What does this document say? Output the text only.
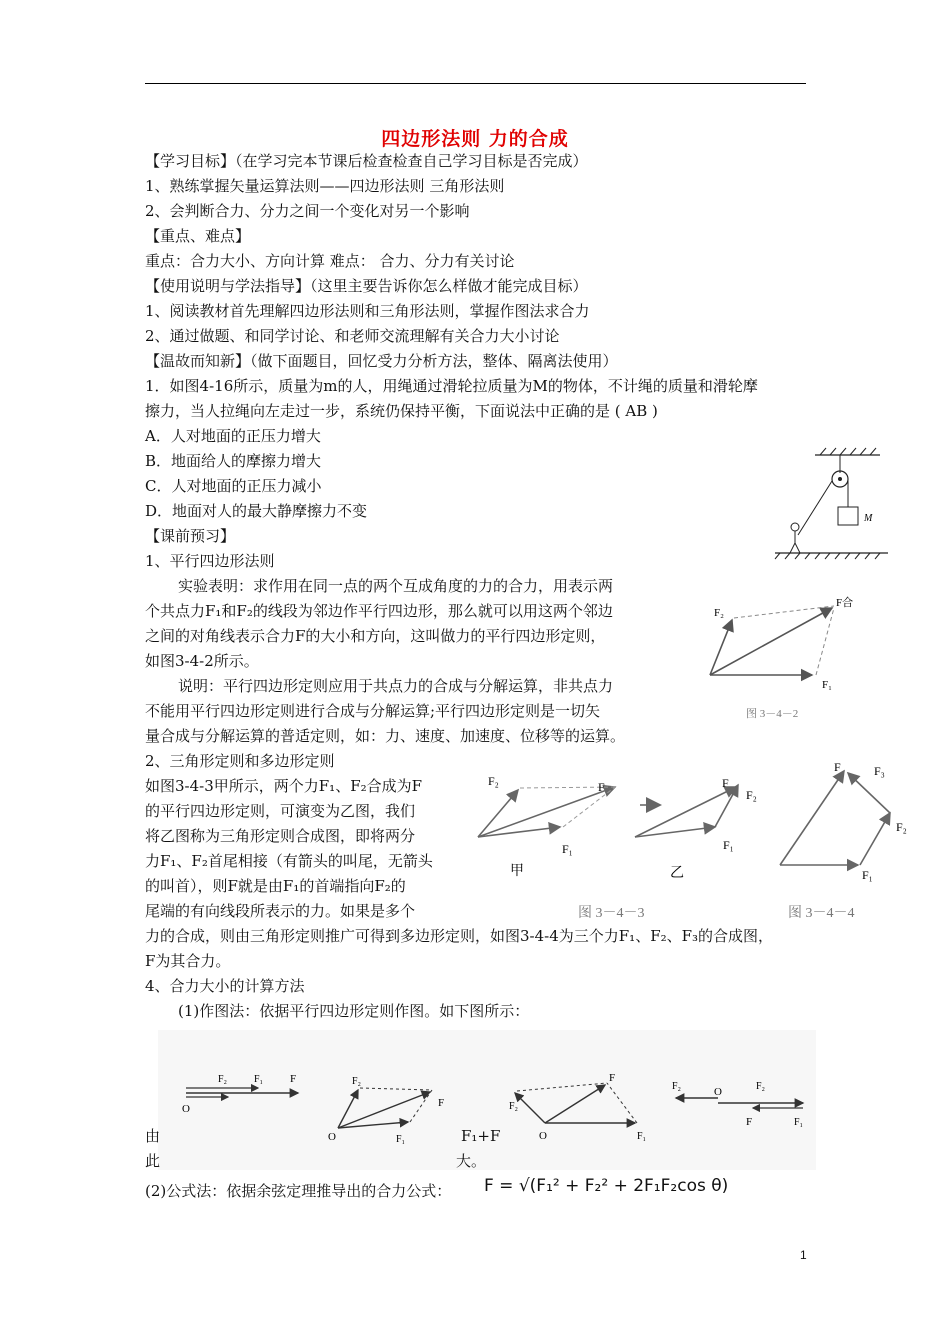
四边形法则 力的合成
【学习目标】（在学习完本节课后检查检查自己学习目标是否完成）
1、熟练掌握矢量运算法则——四边形法则 三角形法则
2、会判断合力、分力之间一个变化对另一个影响
【重点、难点】
重点：合力大小、方向计算 难点： 合力、分力有关讨论
【使用说明与学法指导】（这里主要告诉你怎么样做才能完成目标）
1、阅读教材首先理解四边形法则和三角形法则，掌握作图法求合力
2、通过做题、和同学讨论、和老师交流理解有关合力大小讨论
【温故而知新】（做下面题目，回忆受力分析方法，整体、隔离法使用）
1．如图4-16所示，质量为m的人，用绳通过滑轮拉质量为M的物体，不计绳的质量和滑轮摩
擦力，当人拉绳向左走过一步，系统仍保持平衡，下面说法中正确的是 ( AB )
A．人对地面的正压力增大
B．地面给人的摩擦力增大
C．人对地面的正压力减小
D．地面对人的最大静摩擦力不变
【课前预习】
1、平行四边形法则
实验表明：求作用在同一点的两个互成角度的力的合力，用表示两
个共点力F₁和F₂的线段为邻边作平行四边形，那么就可以用这两个邻边
之间的对角线表示合力F的大小和方向，这叫做力的平行四边形定则，
如图3-4-2所示。
说明：平行四边形定则应用于共点力的合成与分解运算，非共点力
不能用平行四边形定则进行合成与分解运算;平行四边形定则是一切矢
量合成与分解运算的普适定则，如：力、速度、加速度、位移等的运算。
2、三角形定则和多边形定则
如图3-4-3甲所示，两个力F₁、F₂合成为F
的平行四边形定则，可演变为乙图，我们
将乙图称为三角形定则合成图，即将两分
力F₁、F₂首尾相接（有箭头的叫尾，无箭头
的叫首），则F就是由F₁的首端指向F₂的
尾端的有向线段所表示的力。如果是多个
力的合成，则由三角形定则推广可得到多边形定则，如图3-4-4为三个力F₁、F₂、F₃的合成图，
F为其合力。
4、合力大小的计算方法
(1)作图法：依据平行四边形定则作图。如下图所示：
由
此
F₁+F
大。
(2)公式法：依据余弦定理推导出的合力公式： F = √(F₁² + F₂² + 2F₁F₂cos θ)
1
M
F₂
F合
F₁
图 3－4－2
F₂	F
F₁
甲
F
F₂
F₁
乙
图 3－4－3
F	F₃
F₂
F₁
图 3－4－4
O
F₂	F₁ F
O
F₂
F
F₁	O
F₂
F
F₁
O
F₂	F₂
F	F₁
